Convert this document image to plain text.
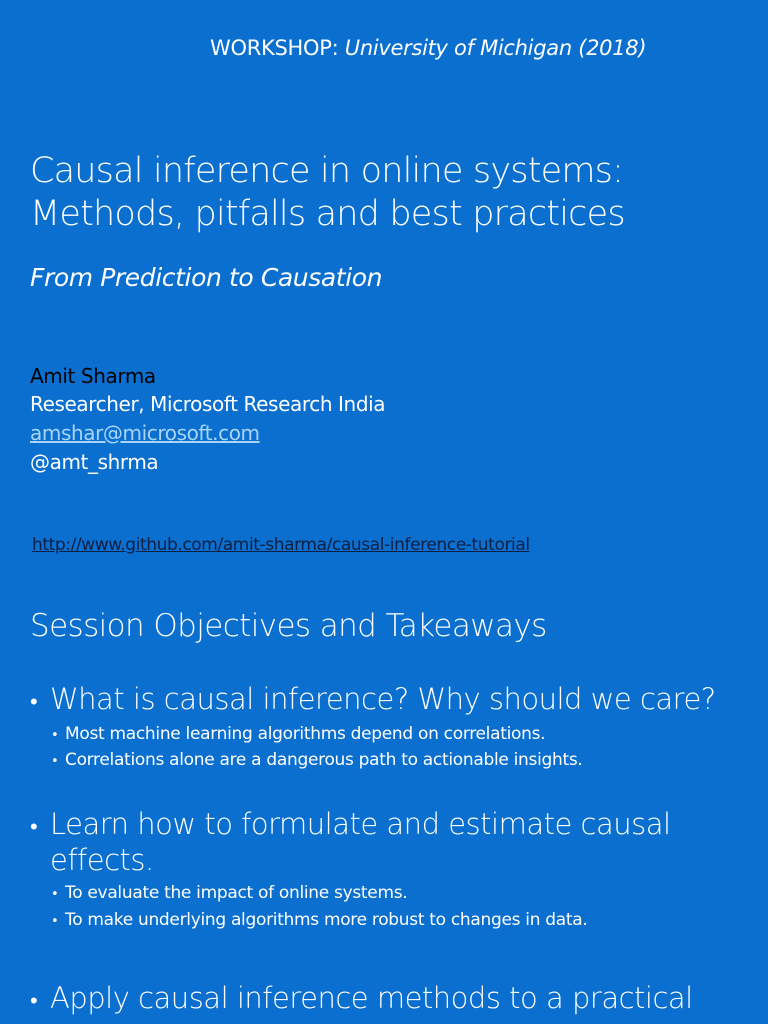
WORKSHOP: University of Michigan (2018)
Causal inference in online systems: Methods, pitfalls and best practices
From Prediction to Causation
Amit Sharma
Researcher, Microsoft Research India
amshar@microsoft.com
@amt_shrma
http://www.github.com/amit-sharma/causal-inference-tutorial
Session Objectives and Takeaways
• What is causal inference? Why should we care?
• Most machine learning algorithms depend on correlations.
• Correlations alone are a dangerous path to actionable insights.
• Learn how to formulate and estimate causal
effects.
• To evaluate the impact of online systems.
• To make underlying algorithms more robust to changes in data.
• Apply causal inference methods to a practical
